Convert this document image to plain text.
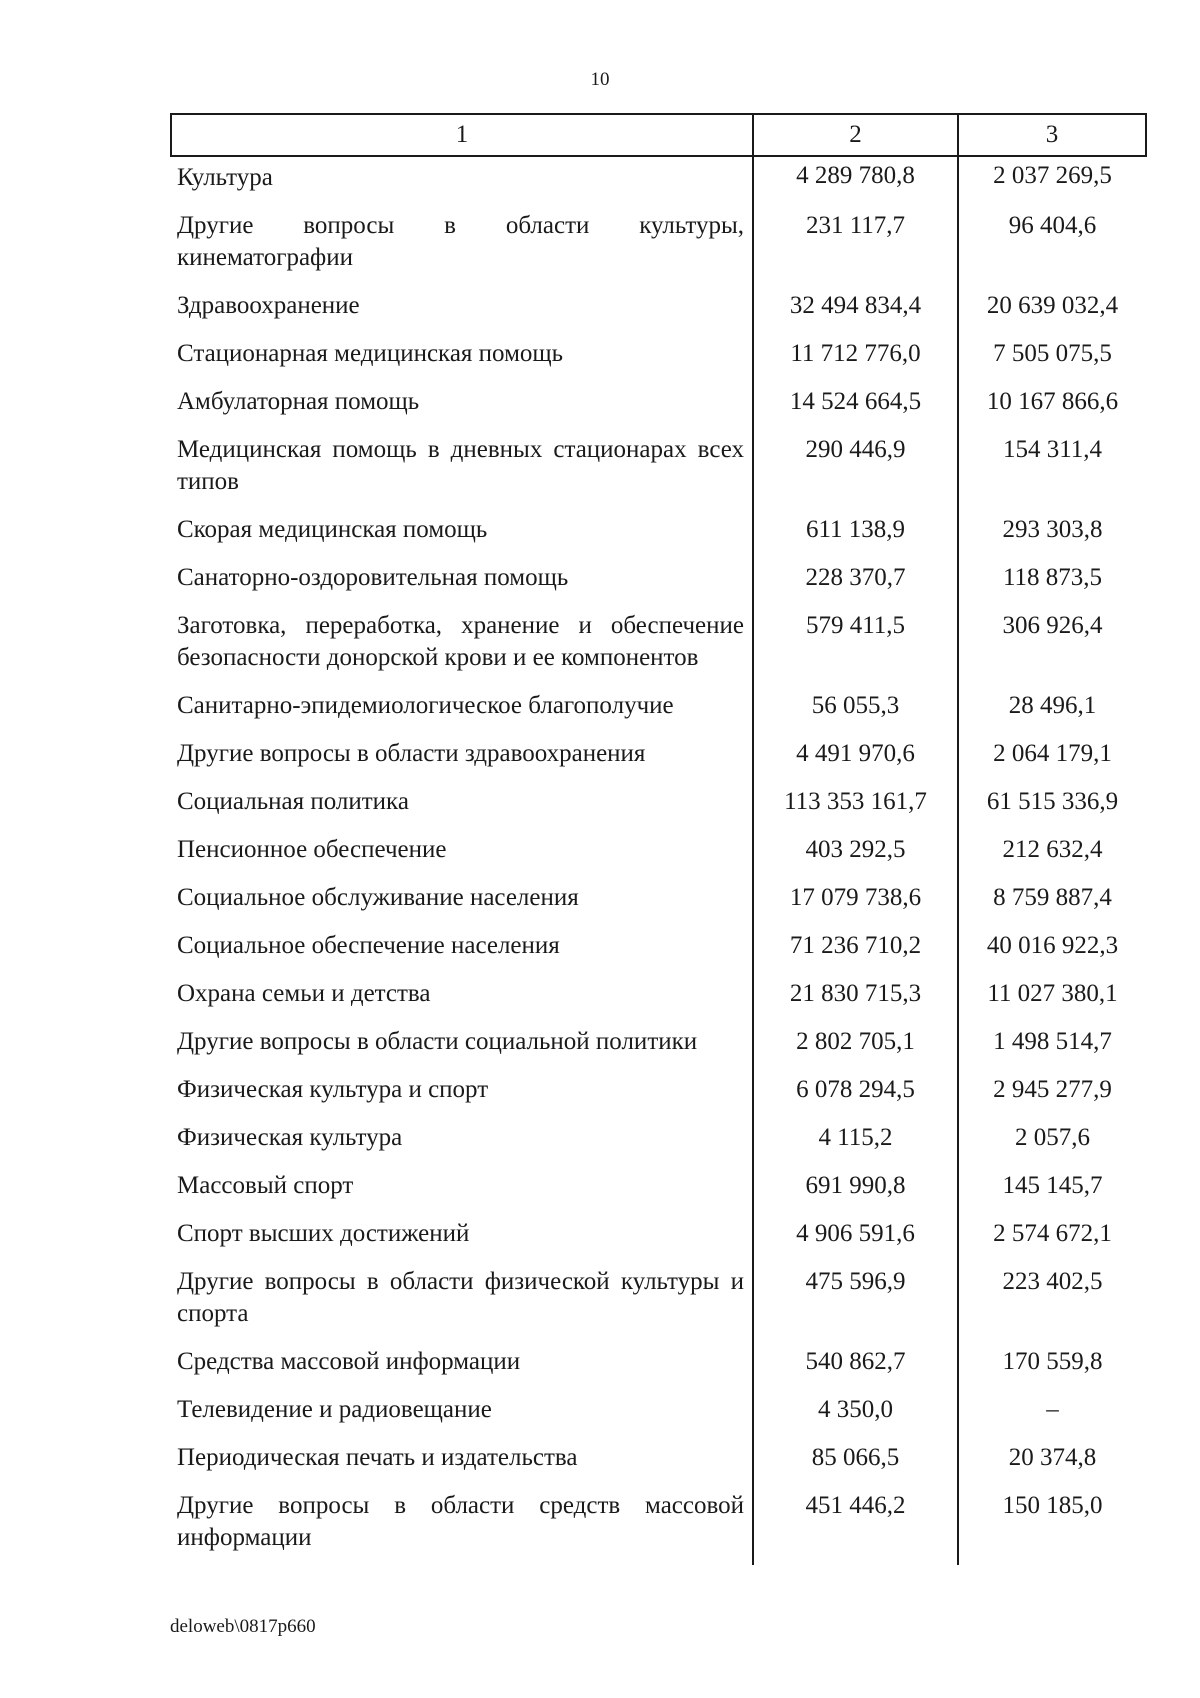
10
1	2	3
Культура	4 289 780,8	2 037 269,5
Другие вопросы в области культуры, кинематографии	231 117,7	96 404,6
Здравоохранение	32 494 834,4	20 639 032,4
Стационарная медицинская помощь	11 712 776,0	7 505 075,5
Амбулаторная помощь	14 524 664,5	10 167 866,6
Медицинская помощь в дневных стационарах всех типов	290 446,9	154 311,4
Скорая медицинская помощь	611 138,9	293 303,8
Санаторно-оздоровительная помощь	228 370,7	118 873,5
Заготовка, переработка, хранение и обеспечение безопасности донорской крови и ее компонентов	579 411,5	306 926,4
Санитарно-эпидемиологическое благополучие	56 055,3	28 496,1
Другие вопросы в области здравоохранения	4 491 970,6	2 064 179,1
Социальная политика	113 353 161,7	61 515 336,9
Пенсионное обеспечение	403 292,5	212 632,4
Социальное обслуживание населения	17 079 738,6	8 759 887,4
Социальное обеспечение населения	71 236 710,2	40 016 922,3
Охрана семьи и детства	21 830 715,3	11 027 380,1
Другие вопросы в области социальной политики	2 802 705,1	1 498 514,7
Физическая культура и спорт	6 078 294,5	2 945 277,9
Физическая культура	4 115,2	2 057,6
Массовый спорт	691 990,8	145 145,7
Спорт высших достижений	4 906 591,6	2 574 672,1
Другие вопросы в области физической культуры и спорта	475 596,9	223 402,5
Средства массовой информации	540 862,7	170 559,8
Телевидение и радиовещание	4 350,0	–
Периодическая печать и издательства	85 066,5	20 374,8
Другие вопросы в области средств массовой информации	451 446,2	150 185,0
deloweb\0817p660
